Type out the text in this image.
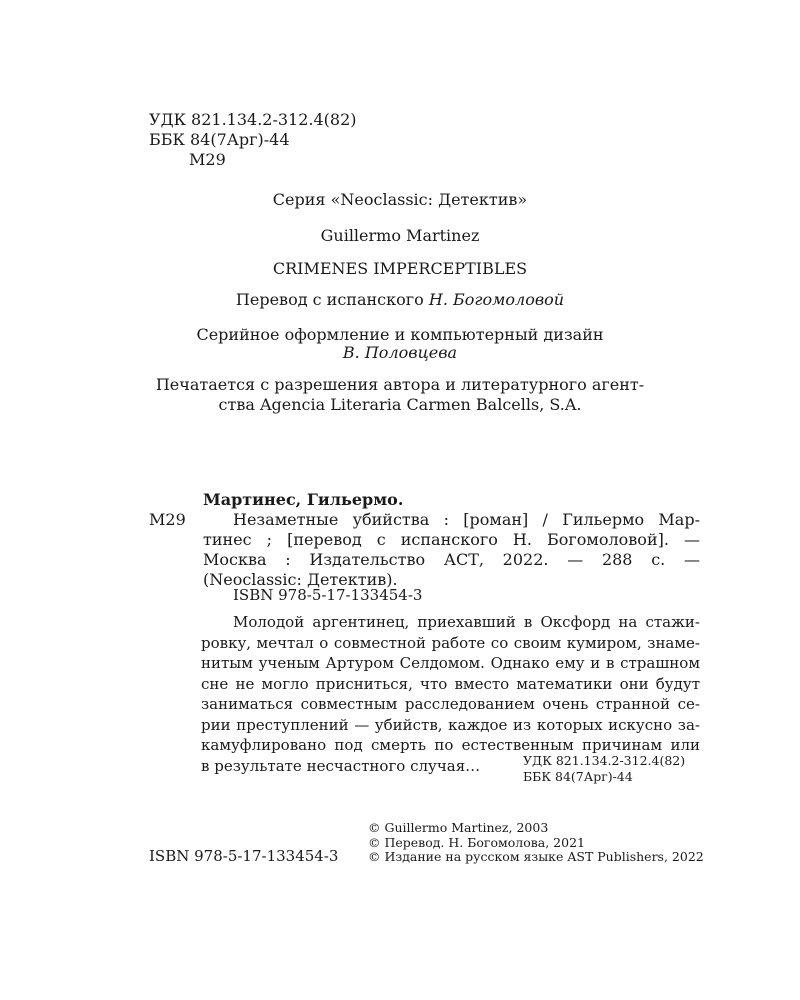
УДК 821.134.2-312.4(82)
ББК 84(7Арг)-44
М29
Серия «Neoclassic: Детектив»
Guillermo Martinez
CRIMENES IMPERCEPTIBLES
Перевод с испанского Н. Богомоловой
Серийное оформление и компьютерный дизайн
В. Половцева
Печатается с разрешения автора и литературного агент-
ства Agencia Literaria Carmen Balcells, S.A.
Мартинес, Гильермо.
М29	Незаметные убийства : [роман] / Гильермо Мар-
тинес ; [перевод с испанского Н. Богомоловой]. —
Москва : Издательство АСТ, 2022. — 288 с. —
(Neoclassic: Детектив).
ISBN 978-5-17-133454-3
Молодой аргентинец, приехавший в Оксфорд на стажи-
ровку, мечтал о совместной работе со своим кумиром, знаме-
нитым ученым Артуром Селдомом. Однако ему и в страшном
сне не могло присниться, что вместо математики они будут
заниматься совместным расследованием очень странной се-
рии преступлений — убийств, каждое из которых искусно за-
камуфлировано под смерть по естественным причинам или
в результате несчастного случая…	УДК 821.134.2-312.4(82)
ББК 84(7Арг)-44
© Guillermo Martinez, 2003
© Перевод. Н. Богомолова, 2021
ISBN 978-5-17-133454-3 © Издание на русском языке AST Publishers, 2022
